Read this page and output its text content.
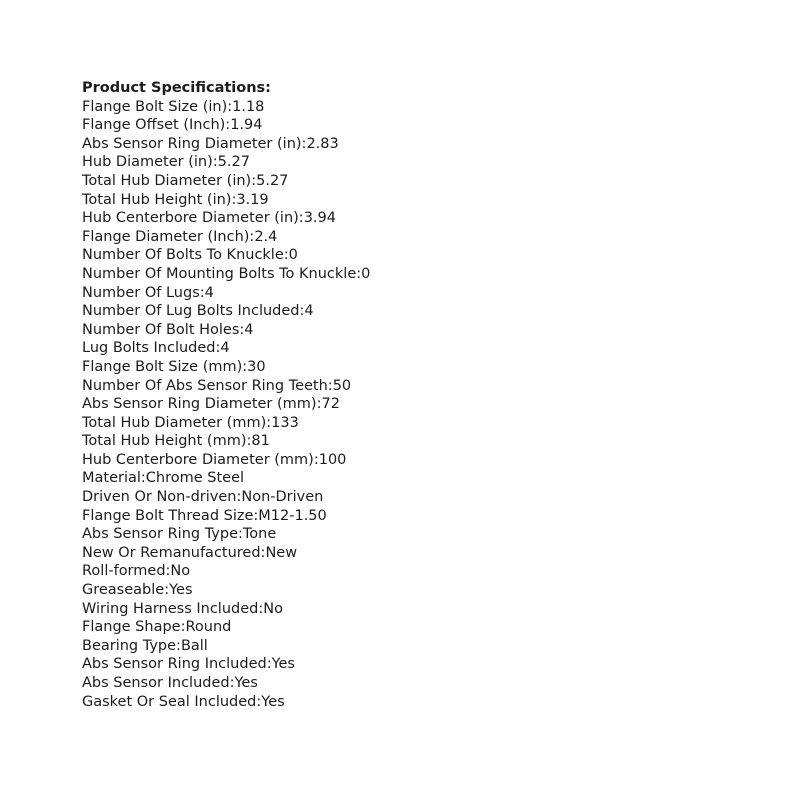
Product Specifications:
Flange Bolt Size (in):1.18
Flange Offset (Inch):1.94
Abs Sensor Ring Diameter (in):2.83
Hub Diameter (in):5.27
Total Hub Diameter (in):5.27
Total Hub Height (in):3.19
Hub Centerbore Diameter (in):3.94
Flange Diameter (Inch):2.4
Number Of Bolts To Knuckle:0
Number Of Mounting Bolts To Knuckle:0
Number Of Lugs:4
Number Of Lug Bolts Included:4
Number Of Bolt Holes:4
Lug Bolts Included:4
Flange Bolt Size (mm):30
Number Of Abs Sensor Ring Teeth:50
Abs Sensor Ring Diameter (mm):72
Total Hub Diameter (mm):133
Total Hub Height (mm):81
Hub Centerbore Diameter (mm):100
Material:Chrome Steel
Driven Or Non-driven:Non-Driven
Flange Bolt Thread Size:M12-1.50
Abs Sensor Ring Type:Tone
New Or Remanufactured:New
Roll-formed:No
Greaseable:Yes
Wiring Harness Included:No
Flange Shape:Round
Bearing Type:Ball
Abs Sensor Ring Included:Yes
Abs Sensor Included:Yes
Gasket Or Seal Included:Yes
